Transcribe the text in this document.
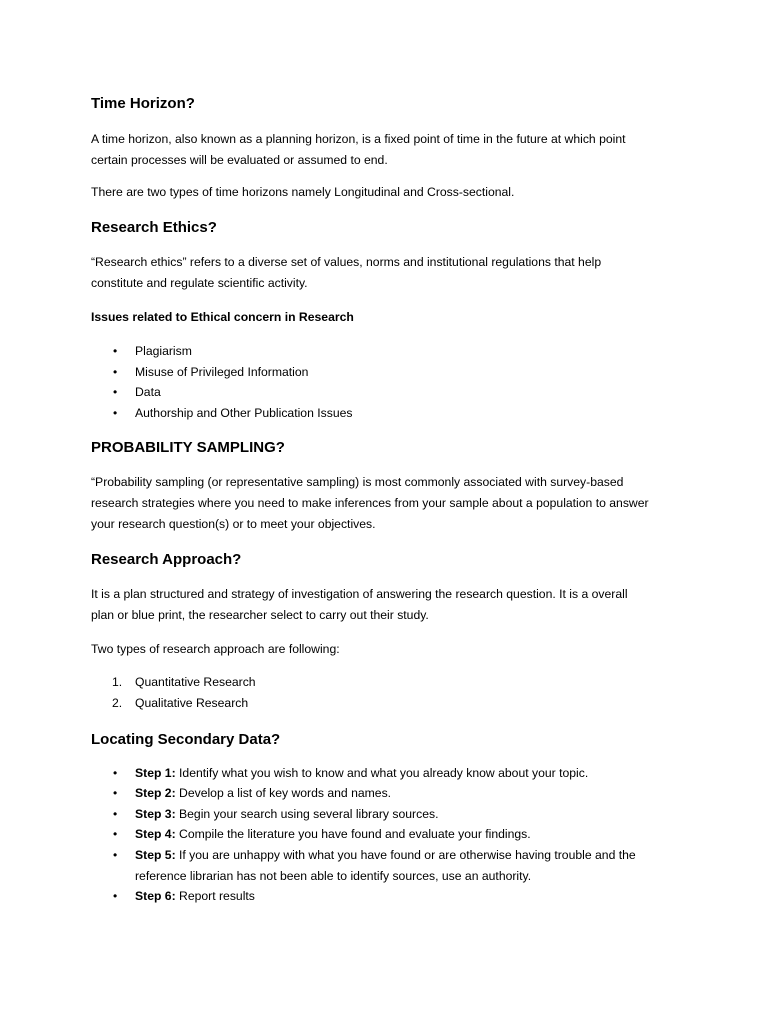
Time Horizon?

A time horizon, also known as a planning horizon, is a fixed point of time in the future at which point
certain processes will be evaluated or assumed to end.

There are two types of time horizons namely Longitudinal and Cross-sectional.

Research Ethics?

“Research ethics” refers to a diverse set of values, norms and institutional regulations that help
constitute and regulate scientific activity.

Issues related to Ethical concern in Research
• Plagiarism
• Misuse of Privileged Information
• Data
• Authorship and Other Publication Issues
PROBABILITY SAMPLING?

“Probability sampling (or representative sampling) is most commonly associated with survey-based
research strategies where you need to make inferences from your sample about a population to answer
your research question(s) or to meet your objectives.

Research Approach?

It is a plan structured and strategy of investigation of answering the research question. It is a overall
plan or blue print, the researcher select to carry out their study.

Two types of research approach are following:

1. Quantitative Research
2. Qualitative Research
Locating Secondary Data?
• Step 1: Identify what you wish to know and what you already know about your topic.
• Step 2: Develop a list of key words and names.
• Step 3: Begin your search using several library sources.
• Step 4: Compile the literature you have found and evaluate your findings.
• Step 5: If you are unhappy with what you have found or are otherwise having trouble and the
reference librarian has not been able to identify sources, use an authority.
• Step 6: Report results
